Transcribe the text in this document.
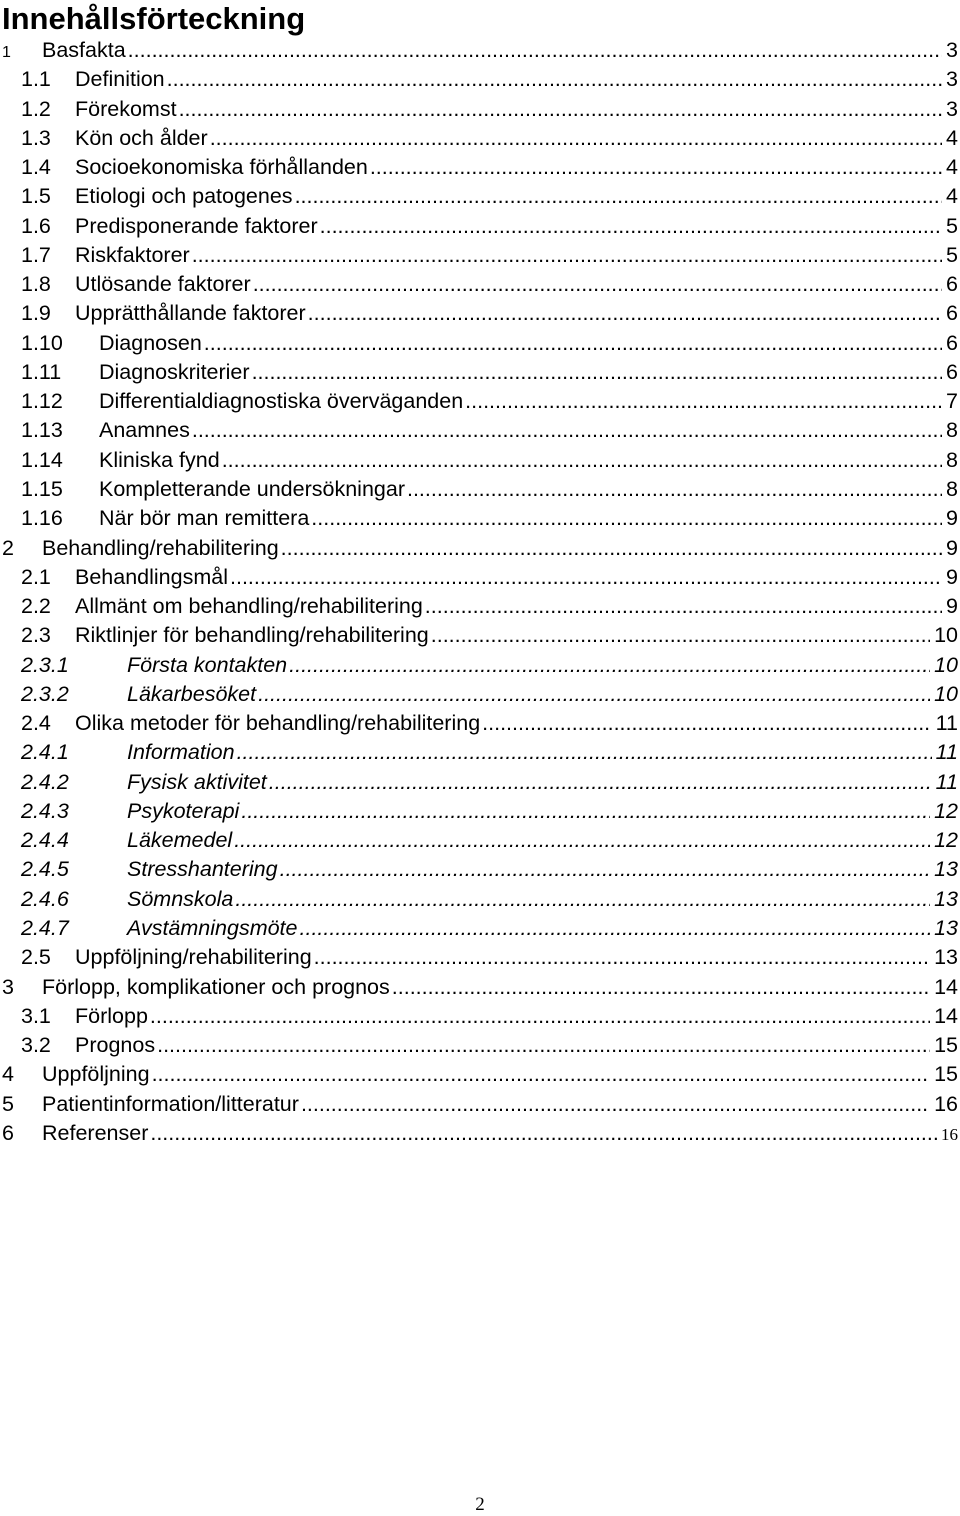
Innehållsförteckning
1	Basfakta .....	3
1.1	Definition .....	3
1.2	Förekomst .....	3
1.3	Kön och ålder .....	4
1.4	Socioekonomiska förhållanden .....	4
1.5	Etiologi och patogenes .....	4
1.6	Predisponerande faktorer .....	5
1.7	Riskfaktorer .....	5
1.8	Utlösande faktorer .....	6
1.9	Upprätthållande faktorer .....	6
1.10	Diagnosen .....	6
1.11	Diagnoskriterier .....	6
1.12	Differentialdiagnostiska överväganden .....	7
1.13	Anamnes .....	8
1.14	Kliniska fynd .....	8
1.15	Kompletterande undersökningar .....	8
1.16	När bör man remittera .....	9
2	Behandling/rehabilitering .....	9
2.1	Behandlingsmål .....	9
2.2	Allmänt om behandling/rehabilitering .....	9
2.3	Riktlinjer för behandling/rehabilitering .....	10
2.3.1	Första kontakten .....	10
2.3.2	Läkarbesöket .....	10
2.4	Olika metoder för behandling/rehabilitering .....	11
2.4.1	Information .....	11
2.4.2	Fysisk aktivitet .....	11
2.4.3	Psykoterapi .....	12
2.4.4	Läkemedel .....	12
2.4.5	Stresshantering .....	13
2.4.6	Sömnskola .....	13
2.4.7	Avstämningsmöte .....	13
2.5	Uppföljning/rehabilitering .....	13
3	Förlopp, komplikationer och prognos .....	14
3.1	Förlopp .....	14
3.2	Prognos .....	15
4	Uppföljning .....	15
5	Patientinformation/litteratur .....	16
6	Referenser .....	16
2
